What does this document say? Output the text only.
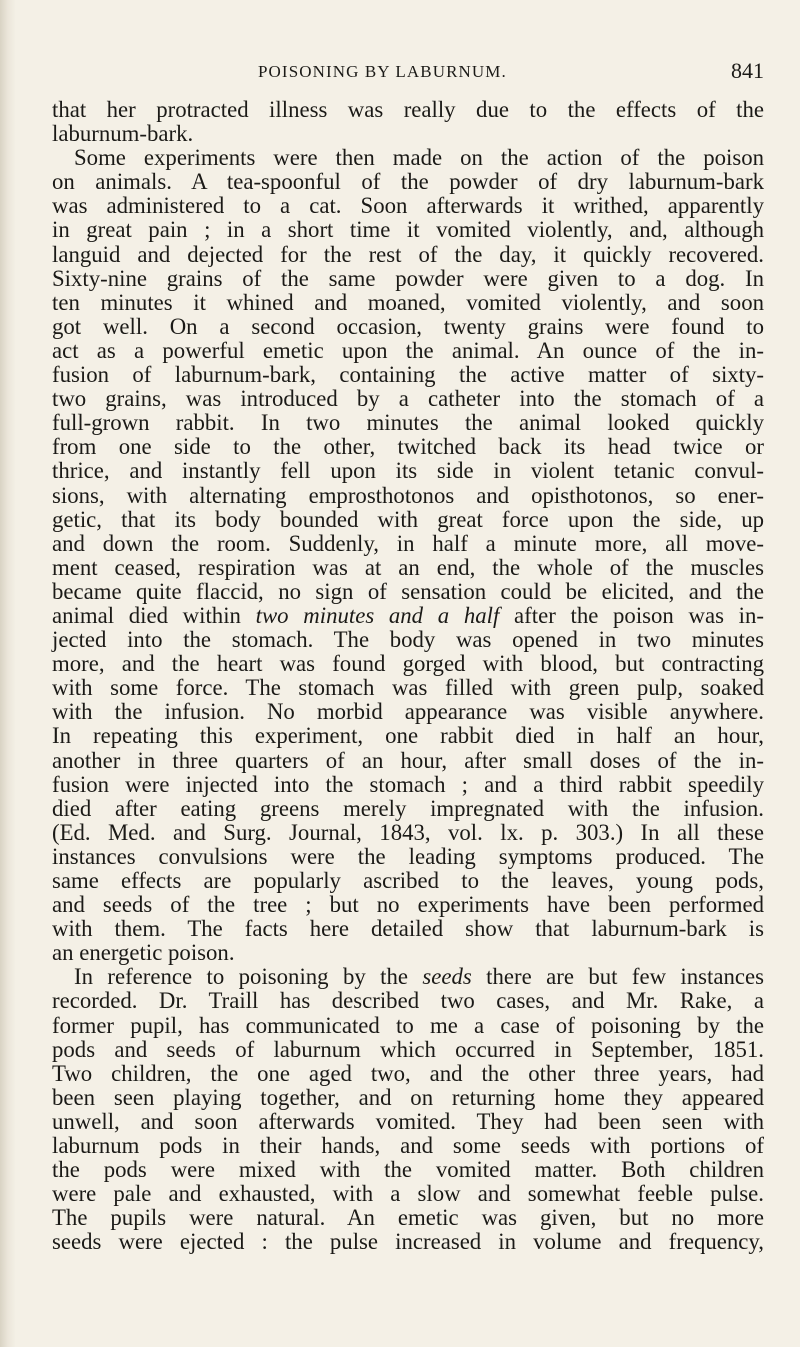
POISONING BY LABURNUM.	841
that her protracted illness was really due to the effects of the
laburnum-bark.
Some experiments were then made on the action of the poison
on animals. A tea-spoonful of the powder of dry laburnum-bark
was administered to a cat. Soon afterwards it writhed, apparently
in great pain ; in a short time it vomited violently, and, although
languid and dejected for the rest of the day, it quickly recovered.
Sixty-nine grains of the same powder were given to a dog. In
ten minutes it whined and moaned, vomited violently, and soon
got well. On a second occasion, twenty grains were found to
act as a powerful emetic upon the animal. An ounce of the in-
fusion of laburnum-bark, containing the active matter of sixty-
two grains, was introduced by a catheter into the stomach of a
full-grown rabbit. In two minutes the animal looked quickly
from one side to the other, twitched back its head twice or
thrice, and instantly fell upon its side in violent tetanic convul-
sions, with alternating emprosthotonos and opisthotonos, so ener-
getic, that its body bounded with great force upon the side, up
and down the room. Suddenly, in half a minute more, all move-
ment ceased, respiration was at an end, the whole of the muscles
became quite flaccid, no sign of sensation could be elicited, and the
animal died within two minutes and a half after the poison was in-
jected into the stomach. The body was opened in two minutes
more, and the heart was found gorged with blood, but contracting
with some force. The stomach was filled with green pulp, soaked
with the infusion. No morbid appearance was visible anywhere.
In repeating this experiment, one rabbit died in half an hour,
another in three quarters of an hour, after small doses of the in-
fusion were injected into the stomach ; and a third rabbit speedily
died after eating greens merely impregnated with the infusion.
(Ed. Med. and Surg. Journal, 1843, vol. lx. p. 303.) In all these
instances convulsions were the leading symptoms produced. The
same effects are popularly ascribed to the leaves, young pods,
and seeds of the tree ; but no experiments have been performed
with them. The facts here detailed show that laburnum-bark is
an energetic poison.
In reference to poisoning by the seeds there are but few instances
recorded. Dr. Traill has described two cases, and Mr. Rake, a
former pupil, has communicated to me a case of poisoning by the
pods and seeds of laburnum which occurred in September, 1851.
Two children, the one aged two, and the other three years, had
been seen playing together, and on returning home they appeared
unwell, and soon afterwards vomited. They had been seen with
laburnum pods in their hands, and some seeds with portions of
the pods were mixed with the vomited matter. Both children
were pale and exhausted, with a slow and somewhat feeble pulse.
The pupils were natural. An emetic was given, but no more
seeds were ejected : the pulse increased in volume and frequency,
